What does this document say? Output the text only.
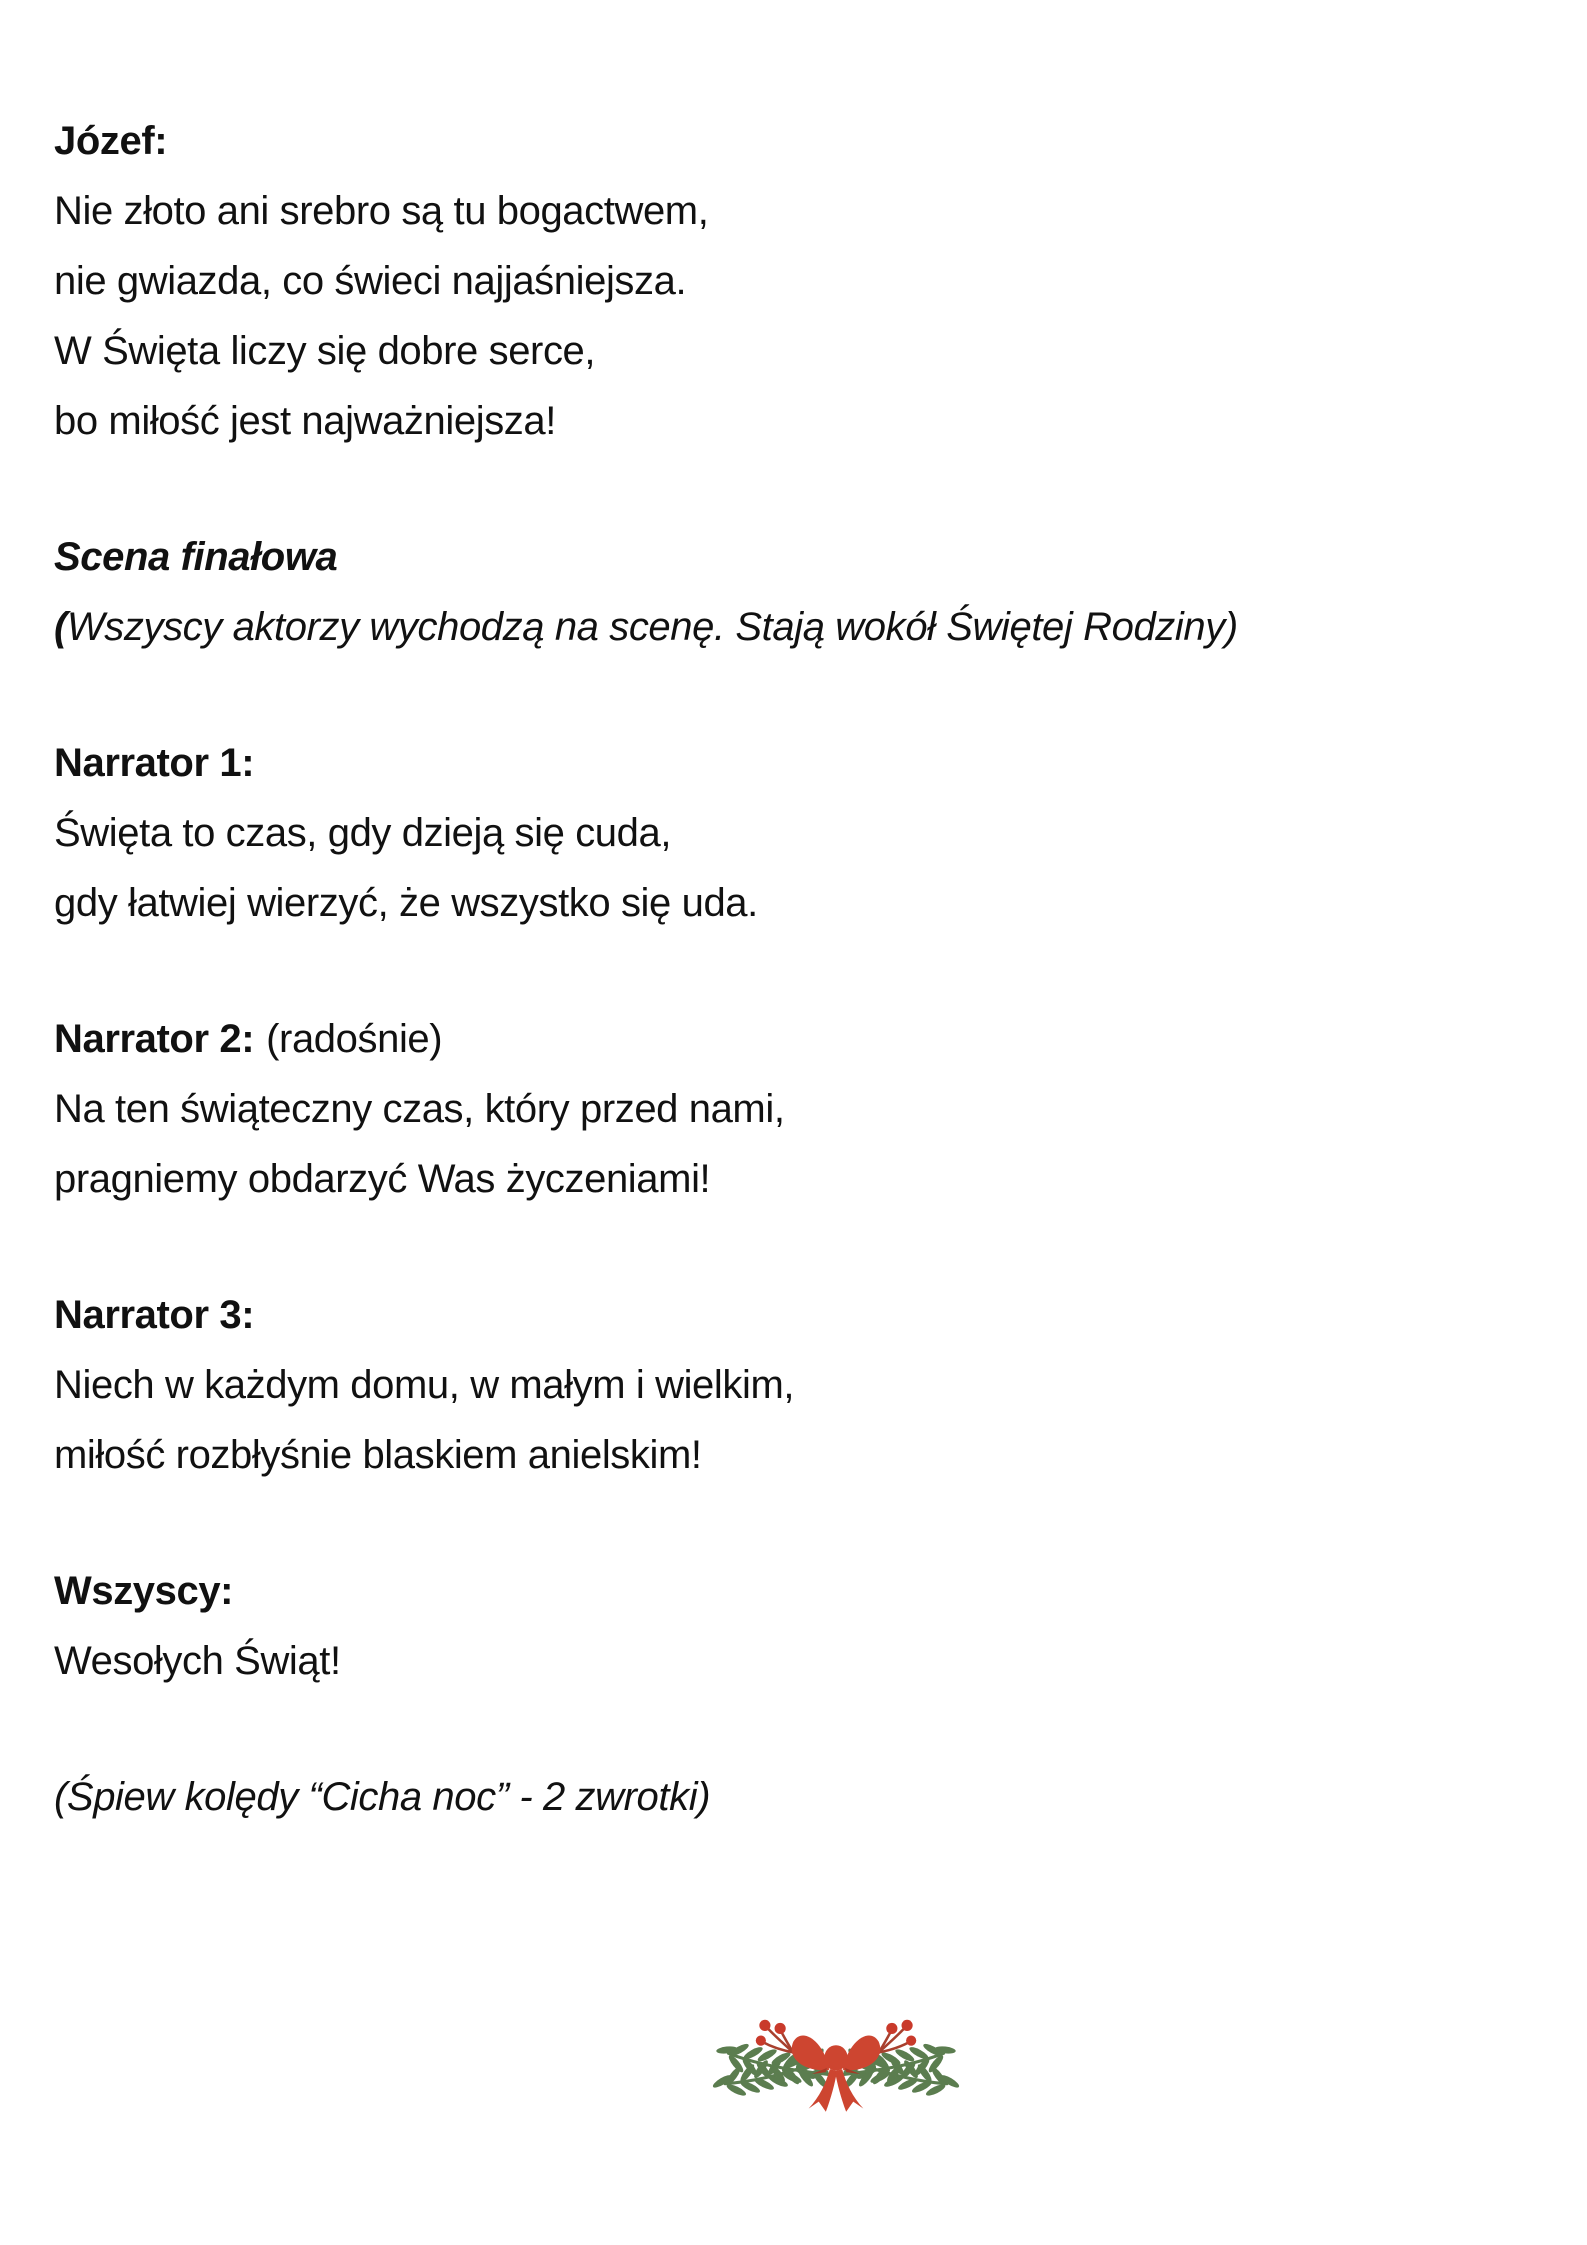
Józef:

Nie złoto ani srebro są tu bogactwem,

nie gwiazda, co świeci najjaśniejsza.

W Święta liczy się dobre serce,

bo miłość jest najważniejsza!

Scena finałowa

(Wszyscy aktorzy wychodzą na scenę. Stają wokół Świętej Rodziny)

Narrator 1:

Święta to czas, gdy dzieją się cuda,

gdy łatwiej wierzyć, że wszystko się uda.

Narrator 2: (radośnie)

Na ten świąteczny czas, który przed nami,

pragniemy obdarzyć Was życzeniami!

Narrator 3:

Niech w każdym domu, w małym i wielkim,

miłość rozbłyśnie blaskiem anielskim!

Wszyscy:

Wesołych Świąt!

(Śpiew kolędy “Cicha noc” - 2 zwrotki)
